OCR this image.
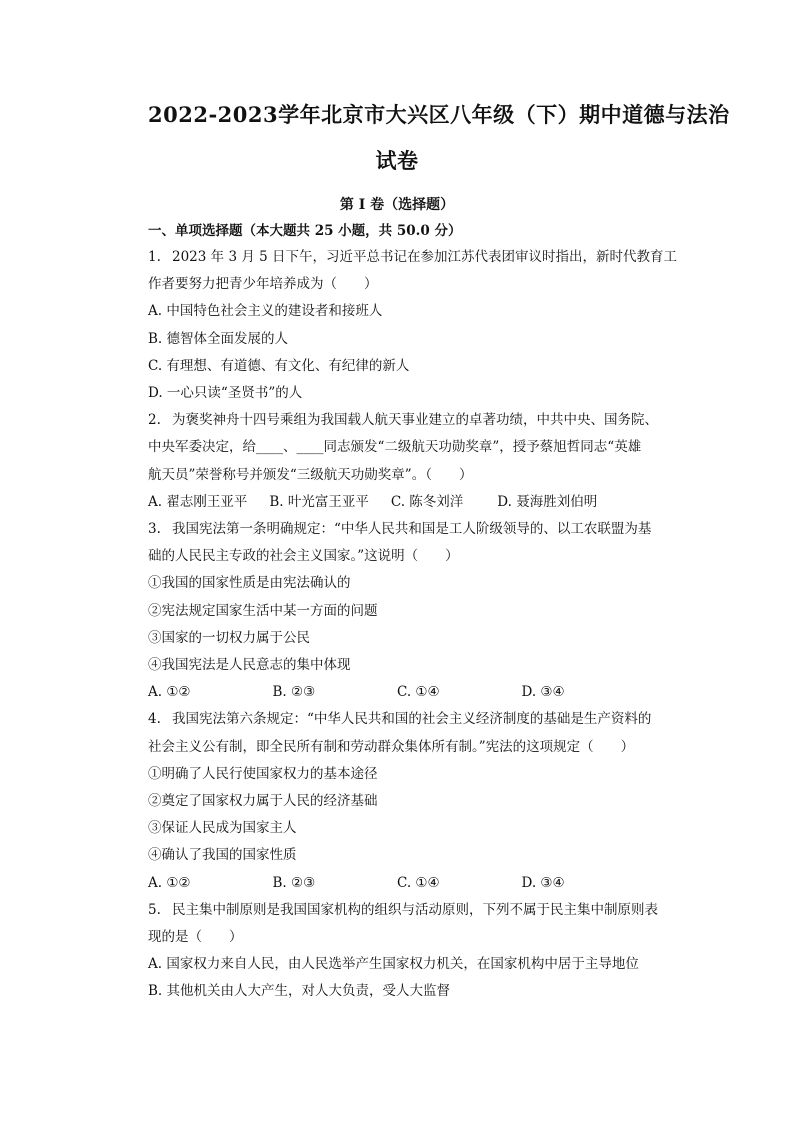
2022-2023学年北京市大兴区八年级（下）期中道德与法治
试卷
第 I 卷（选择题）
一、单项选择题（本大题共 25 小题，共 50.0 分）
1. 2023 年 3 月 5 日下午，习近平总书记在参加江苏代表团审议时指出，新时代教育工
作者要努力把青少年培养成为（　　）
A. 中国特色社会主义的建设者和接班人
B. 德智体全面发展的人
C. 有理想、有道德、有文化、有纪律的新人
D. 一心只读“圣贤书”的人
2. 为褒奖神舟十四号乘组为我国载人航天事业建立的卓著功绩，中共中央、国务院、
中央军委决定，给____、____同志颁发“二级航天功勋奖章”，授予蔡旭哲同志“英雄
航天员”荣誉称号并颁发“三级航天功勋奖章”。（　　）
A. 翟志刚王亚平 B. 叶光富王亚平 C. 陈冬刘洋	D. 聂海胜刘伯明
3. 我国宪法第一条明确规定：“中华人民共和国是工人阶级领导的、以工农联盟为基
础的人民民主专政的社会主义国家。”这说明（　　）
①我国的国家性质是由宪法确认的
②宪法规定国家生活中某一方面的问题
③国家的一切权力属于公民
④我国宪法是人民意志的集中体现
A. ①②	B. ②③	C. ①④	D. ③④
4. 我国宪法第六条规定：“中华人民共和国的社会主义经济制度的基础是生产资料的
社会主义公有制，即全民所有制和劳动群众集体所有制。”宪法的这项规定（　　）
①明确了人民行使国家权力的基本途径
②奠定了国家权力属于人民的经济基础
③保证人民成为国家主人
④确认了我国的国家性质
A. ①②	B. ②③	C. ①④	D. ③④
5. 民主集中制原则是我国国家机构的组织与活动原则，下列不属于民主集中制原则表
现的是（　　）
A. 国家权力来自人民，由人民选举产生国家权力机关，在国家机构中居于主导地位
B. 其他机关由人大产生，对人大负责，受人大监督
